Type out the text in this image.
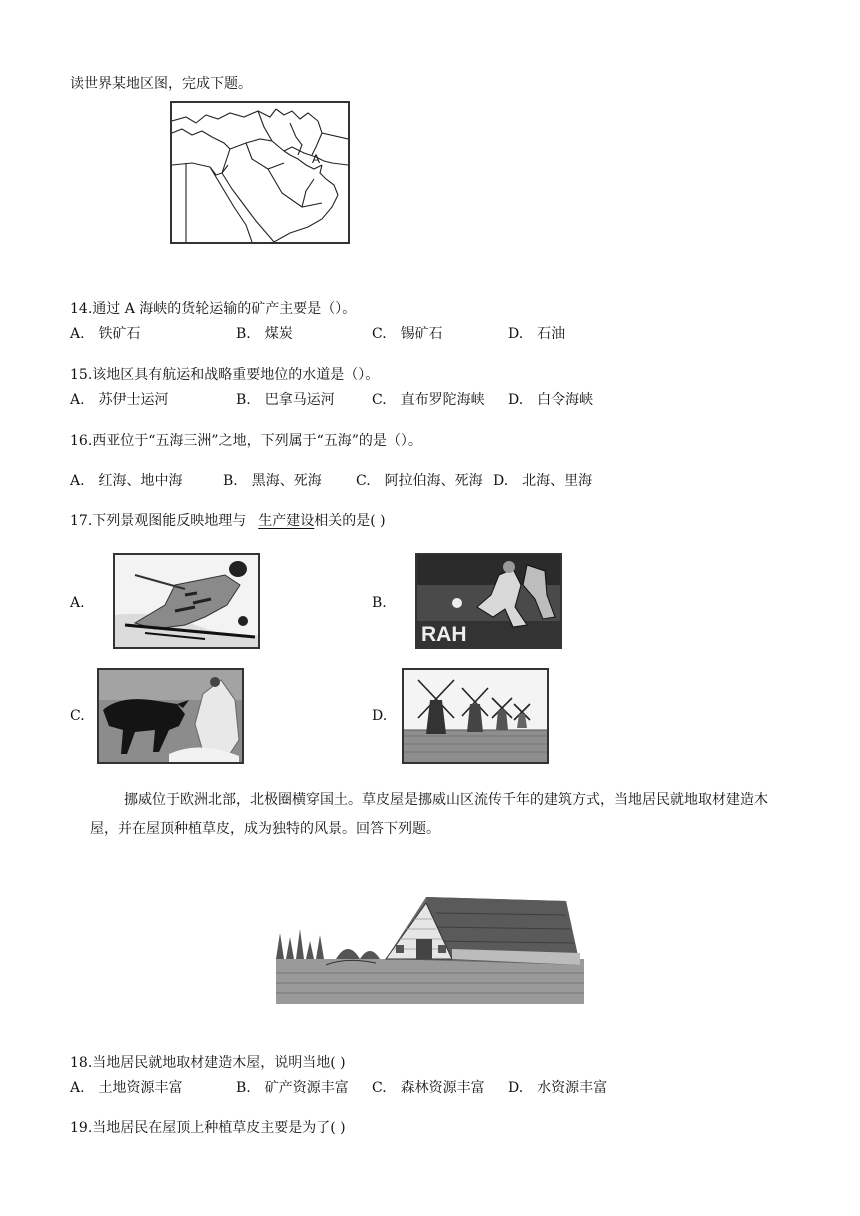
读世界某地区图，完成下题。
A
14.通过 A 海峡的货轮运输的矿产主要是（）。
A.　铁矿石	B.　煤炭	C.　锡矿石	D.　石油
15.该地区具有航运和战略重要地位的水道是（）。
A.　苏伊士运河	B.　巴拿马运河	C.　直布罗陀海峡 D.　白令海峡
16.西亚位于“五海三洲”之地，下列属于“五海”的是（）。
A.　红海、地中海	B.　黑海、死海 C.　阿拉伯海、死海 D.　北海、里海
17.下列景观图能反映地理与 生产建设相关的是( )
A.	B.
RAH
C.	D.
挪威位于欧洲北部，北极圈横穿国土。草皮屋是挪威山区流传千年的建筑方式，当地居民就地取材建造木屋，并在屋顶种植草皮，成为独特的风景。回答下列题。
18.当地居民就地取材建造木屋，说明当地( )
A.　土地资源丰富	B.　矿产资源丰富 C.　森林资源丰富 D.　水资源丰富
19.当地居民在屋顶上种植草皮主要是为了( )
